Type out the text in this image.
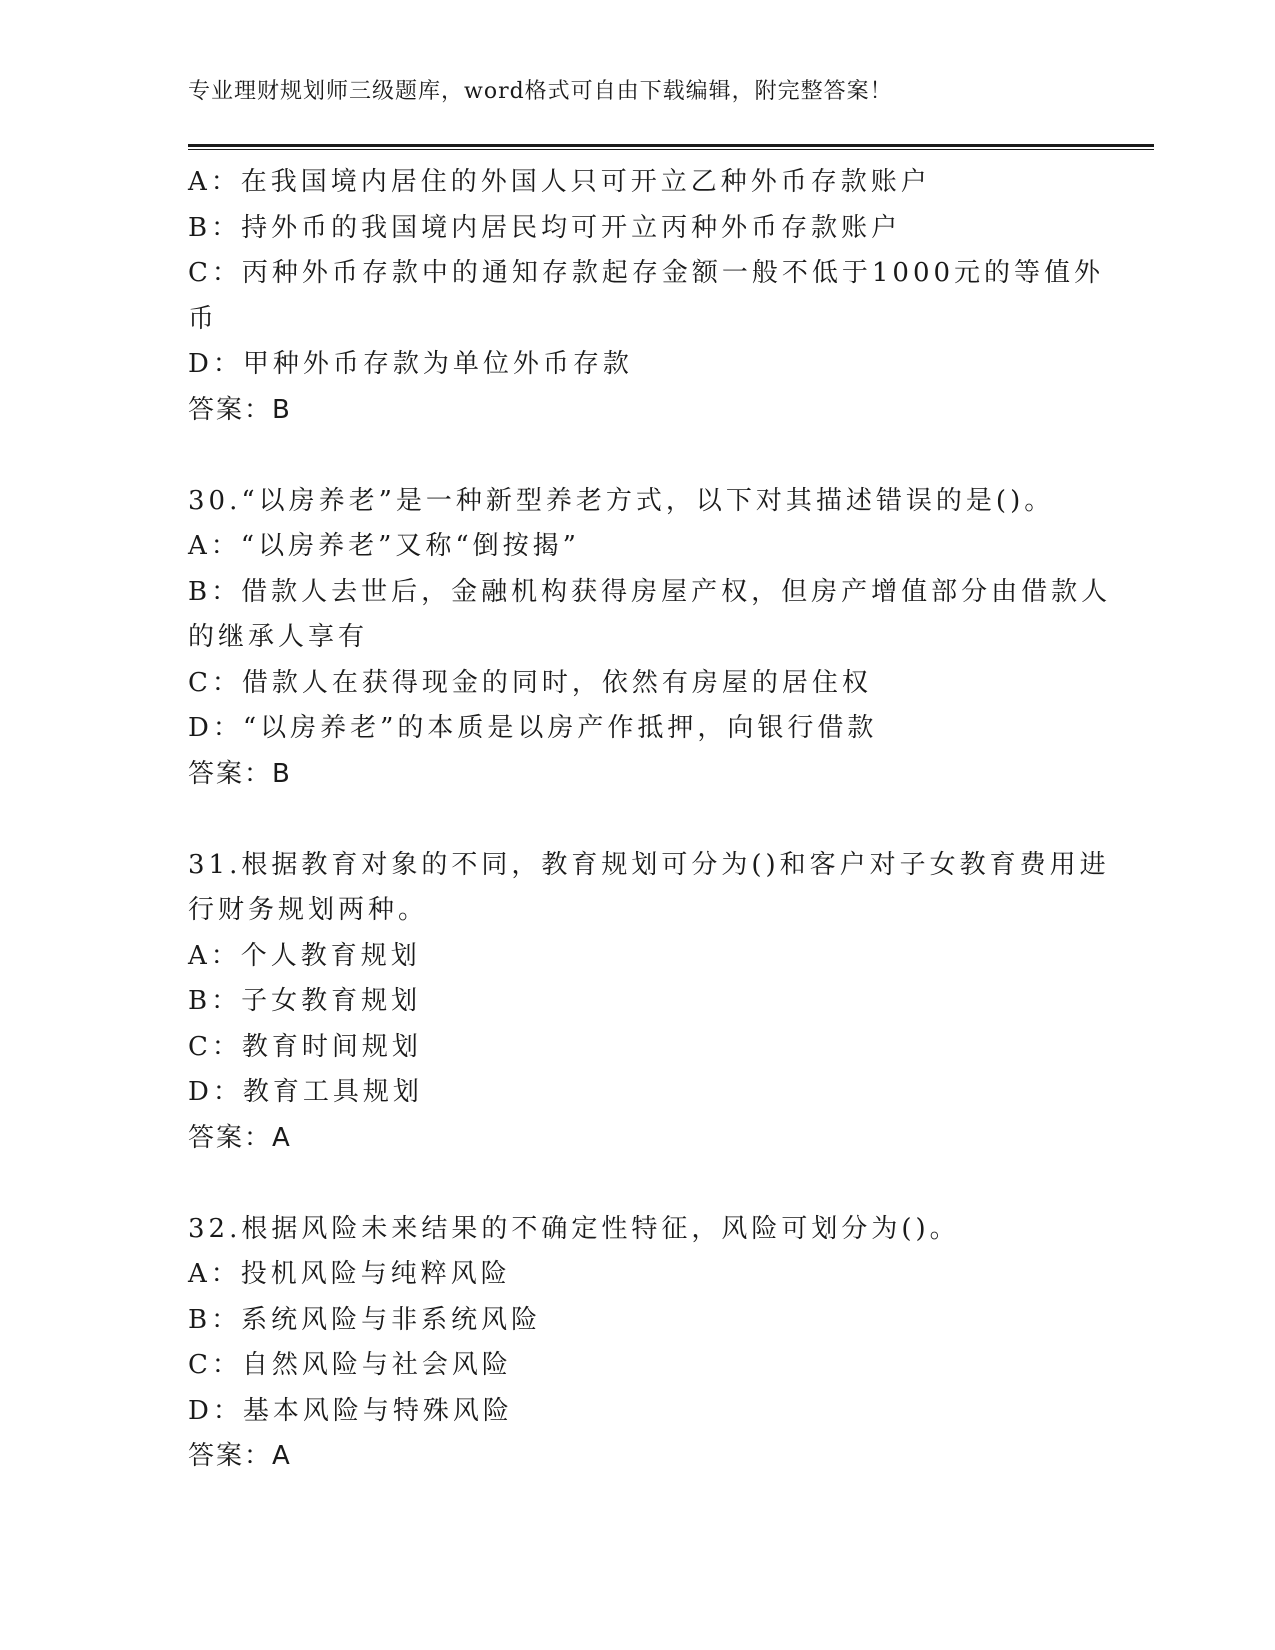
专业理财规划师三级题库，word格式可自由下载编辑，附完整答案！

A：在我国境内居住的外国人只可开立乙种外币存款账户

B：持外币的我国境内居民均可开立丙种外币存款账户

C：丙种外币存款中的通知存款起存金额一般不低于1000元的等值外

币

D：甲种外币存款为单位外币存款

答案：B

30.“以房养老”是一种新型养老方式，以下对其描述错误的是()。

A：“以房养老”又称“倒按揭”

B：借款人去世后，金融机构获得房屋产权，但房产增值部分由借款人

的继承人享有

C：借款人在获得现金的同时，依然有房屋的居住权

D：“以房养老”的本质是以房产作抵押，向银行借款

答案：B

31.根据教育对象的不同，教育规划可分为()和客户对子女教育费用进

行财务规划两种。

A：个人教育规划

B：子女教育规划

C：教育时间规划

D：教育工具规划

答案：A

32.根据风险未来结果的不确定性特征，风险可划分为()。

A：投机风险与纯粹风险

B：系统风险与非系统风险

C：自然风险与社会风险

D：基本风险与特殊风险

答案：A
